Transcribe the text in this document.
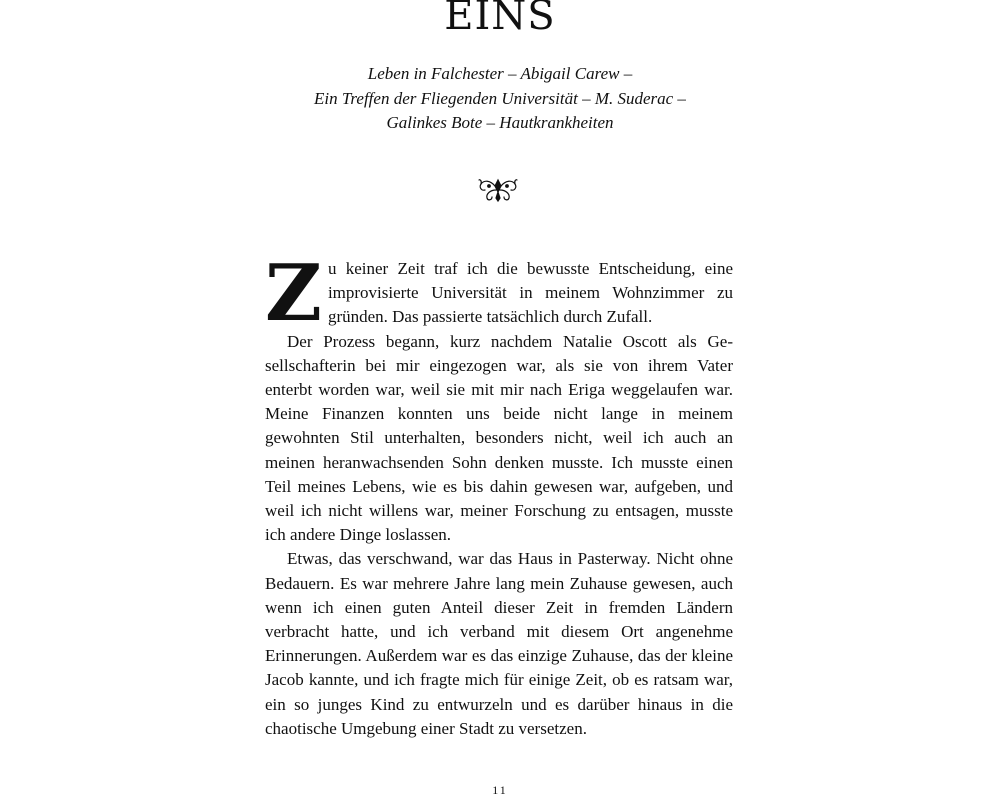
EINS
Leben in Falchester – Abigail Carew –
Ein Treffen der Fliegenden Universität – M. Suderac –
Galinkes Bote – Hautkrankheiten

Zu keiner Zeit traf ich die bewusste Entscheidung, eine improvisierte Universität in meinem Wohnzimmer zu gründen. Das passierte tatsächlich durch Zufall.

Der Prozess begann, kurz nachdem Natalie Oscott als Gesellschafterin bei mir eingezogen war, als sie von ihrem Vater enterbt worden war, weil sie mit mir nach Eriga weggelaufen war. Meine Finanzen konnten uns beide nicht lange in meinem gewohnten Stil unterhalten, besonders nicht, weil ich auch an meinen heranwachsenden Sohn denken musste. Ich musste einen Teil meines Lebens, wie es bis dahin gewesen war, aufgeben, und weil ich nicht willens war, meiner Forschung zu entsagen, musste ich andere Dinge loslassen.

Etwas, das verschwand, war das Haus in Pasterway. Nicht ohne Bedauern. Es war mehrere Jahre lang mein Zuhause gewesen, auch wenn ich einen guten Anteil dieser Zeit in fremden Ländern verbracht hatte, und ich verband mit diesem Ort angenehme Erinnerungen. Außerdem war es das einzige Zuhause, das der kleine Jacob kannte, und ich fragte mich für einige Zeit, ob es ratsam war, ein so junges Kind zu entwurzeln und es darüber hinaus in die chaotische Umgebung einer Stadt zu versetzen.

11
